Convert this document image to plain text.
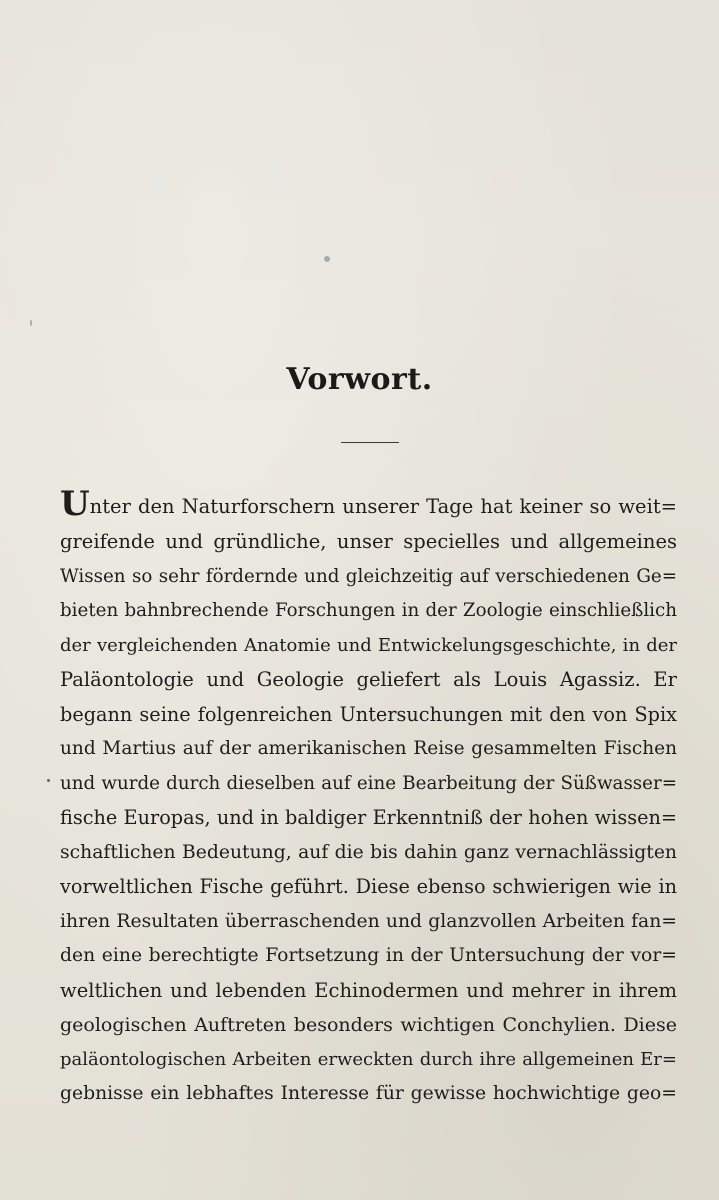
Vorwort.
Unter den Naturforschern unserer Tage hat keiner so weit=
greifende und gründliche, unser specielles und allgemeines
Wissen so sehr fördernde und gleichzeitig auf verschiedenen Ge=
bieten bahnbrechende Forschungen in der Zoologie einschließlich
der vergleichenden Anatomie und Entwickelungsgeschichte, in der
Paläontologie und Geologie geliefert als Louis Agassiz. Er
begann seine folgenreichen Untersuchungen mit den von Spix
und Martius auf der amerikanischen Reise gesammelten Fischen
und wurde durch dieselben auf eine Bearbeitung der Süßwasser=
fische Europas, und in baldiger Erkenntniß der hohen wissen=
schaftlichen Bedeutung, auf die bis dahin ganz vernachlässigten
vorweltlichen Fische geführt. Diese ebenso schwierigen wie in
ihren Resultaten überraschenden und glanzvollen Arbeiten fan=
den eine berechtigte Fortsetzung in der Untersuchung der vor=
weltlichen und lebenden Echinodermen und mehrer in ihrem
geologischen Auftreten besonders wichtigen Conchylien. Diese
paläontologischen Arbeiten erweckten durch ihre allgemeinen Er=
gebnisse ein lebhaftes Interesse für gewisse hochwichtige geo=
